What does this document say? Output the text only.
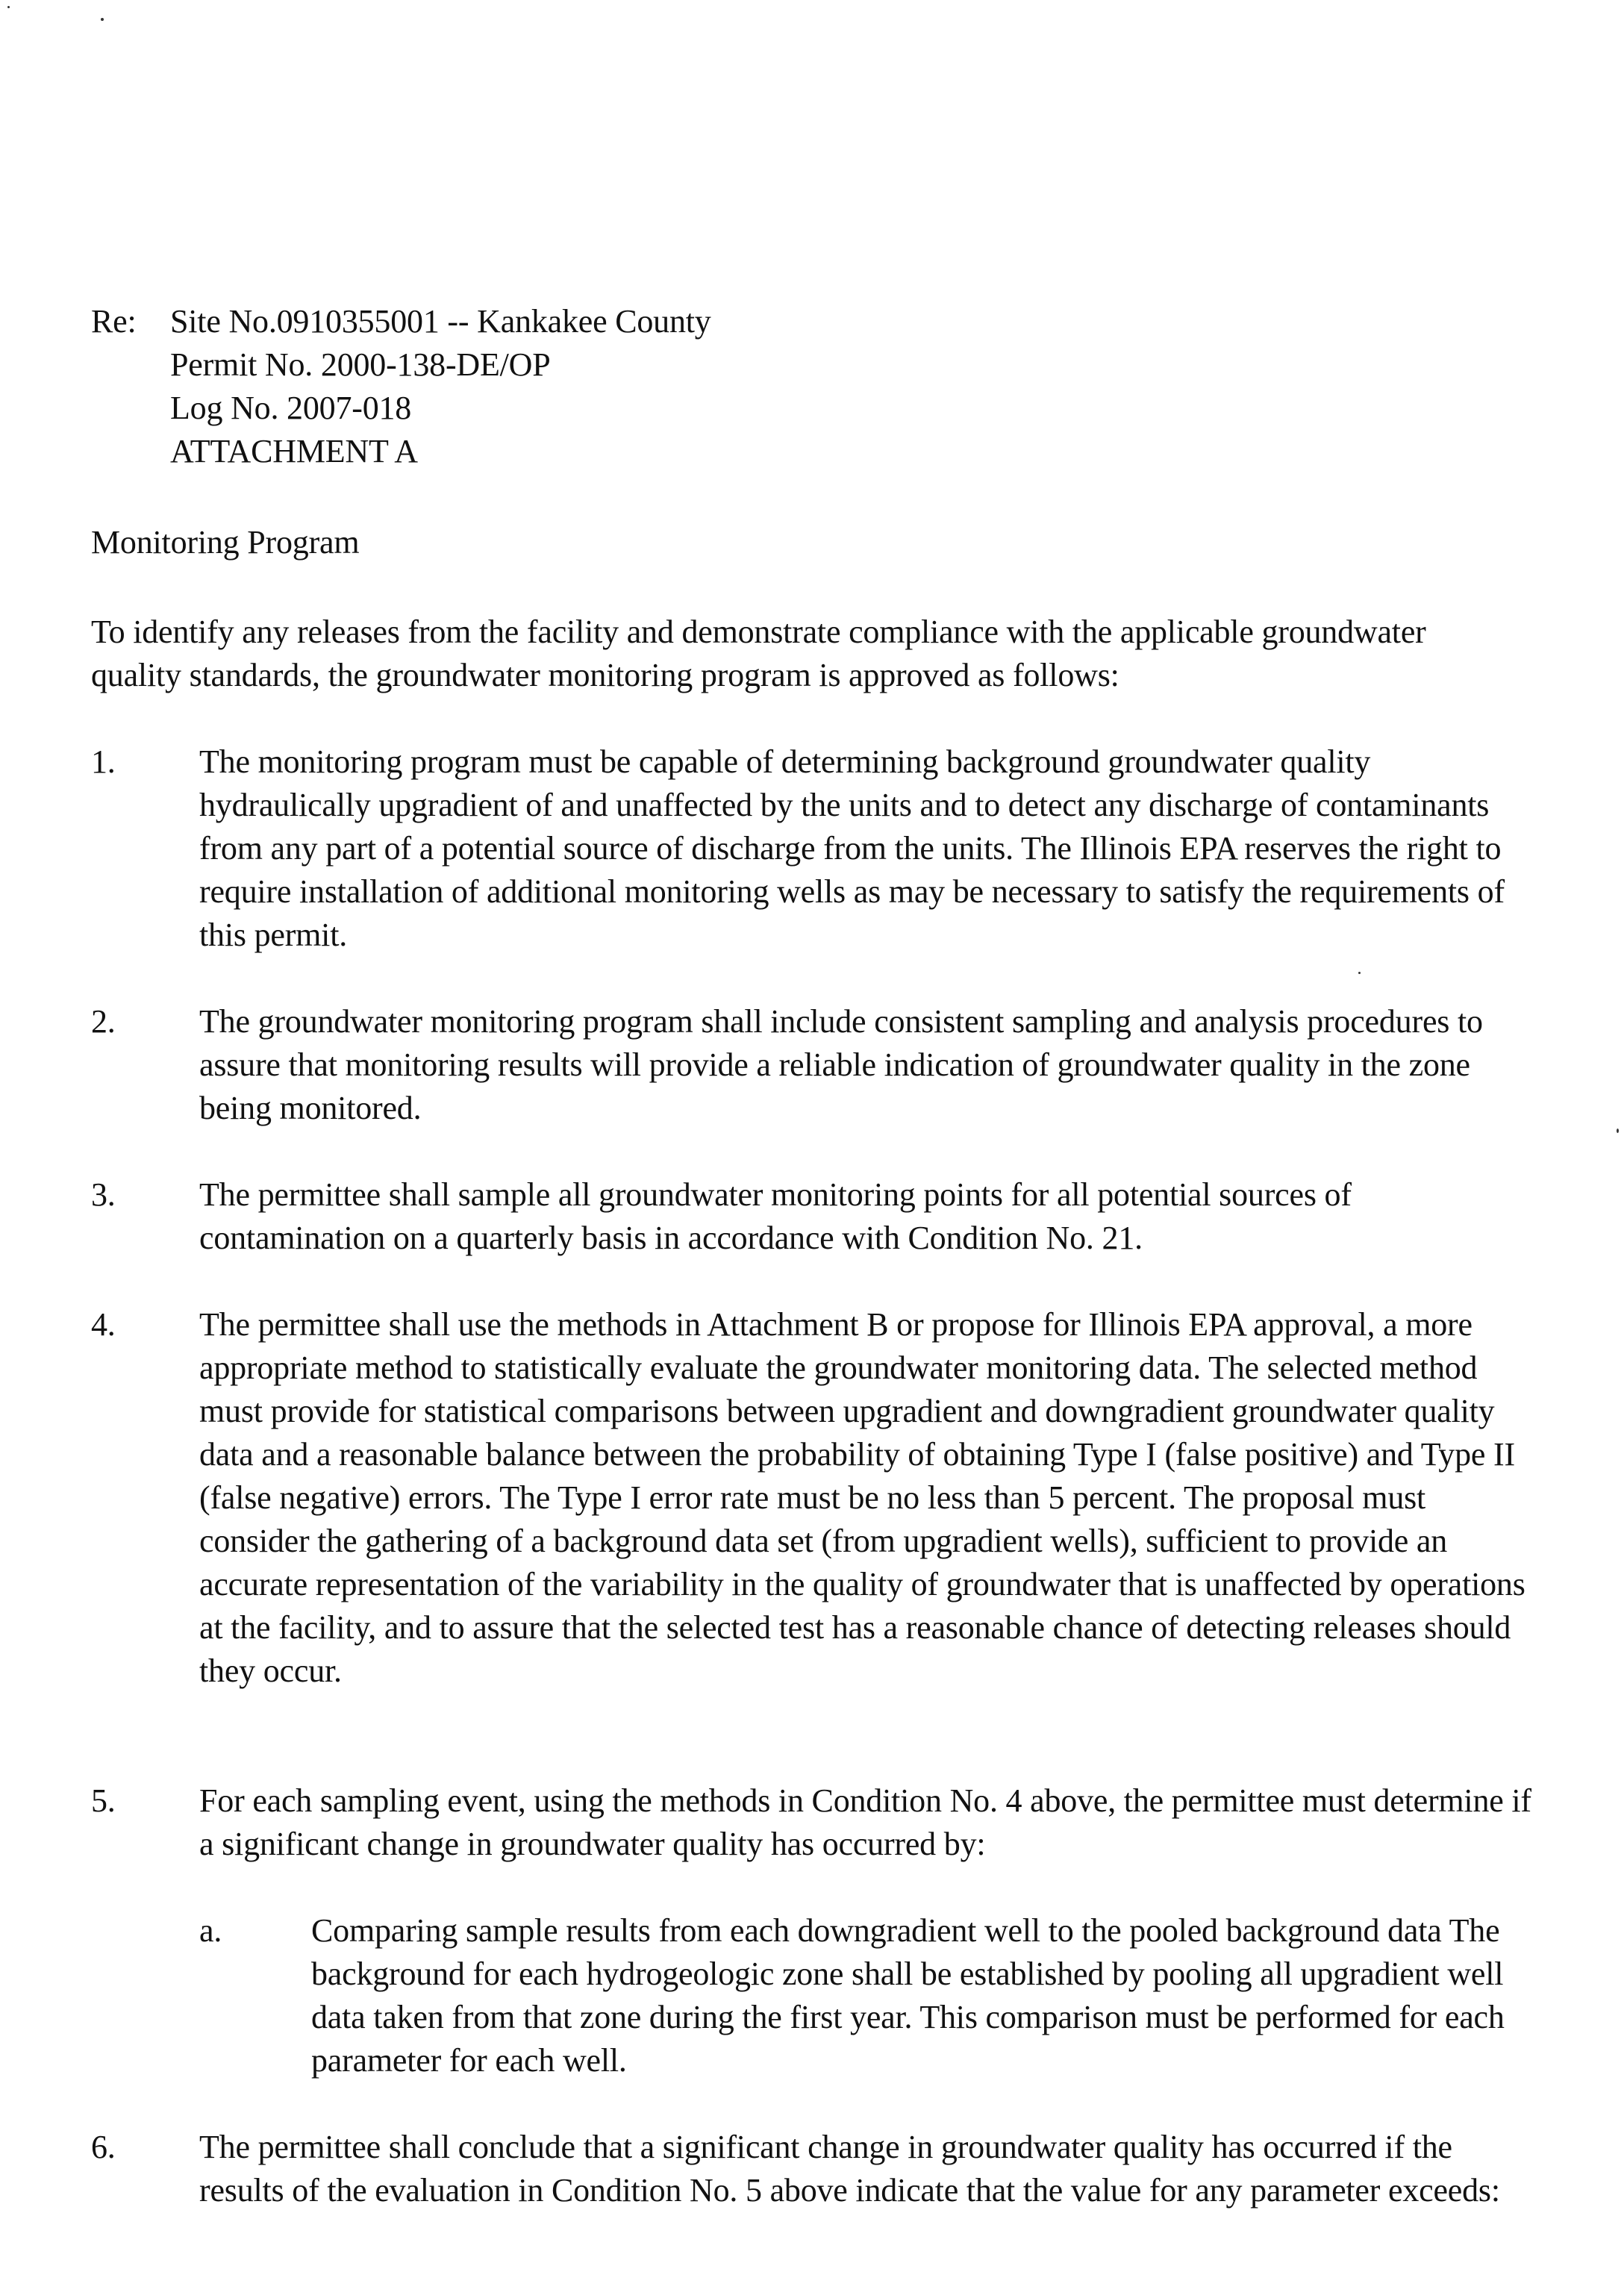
Re:	Site No.0910355001 -- Kankakee County
Permit No. 2000-138-DE/OP
Log No. 2007-018
ATTACHMENT A
Monitoring Program
To identify any releases from the facility and demonstrate compliance with the applicable groundwater quality standards, the groundwater monitoring program is approved as follows:
1.	The monitoring program must be capable of determining background groundwater quality hydraulically upgradient of and unaffected by the units and to detect any discharge of contaminants from any part of a potential source of discharge from the units. The Illinois EPA reserves the right to require installation of additional monitoring wells as may be necessary to satisfy the requirements of this permit.
2.	The groundwater monitoring program shall include consistent sampling and analysis procedures to assure that monitoring results will provide a reliable indication of groundwater quality in the zone being monitored.
3.	The permittee shall sample all groundwater monitoring points for all potential sources of contamination on a quarterly basis in accordance with Condition No. 21.
4.	The permittee shall use the methods in Attachment B or propose for Illinois EPA approval, a more appropriate method to statistically evaluate the groundwater monitoring data. The selected method must provide for statistical comparisons between upgradient and downgradient groundwater quality data and a reasonable balance between the probability of obtaining Type I (false positive) and Type II (false negative) errors. The Type I error rate must be no less than 5 percent. The proposal must consider the gathering of a background data set (from upgradient wells), sufficient to provide an accurate representation of the variability in the quality of groundwater that is unaffected by operations at the facility, and to assure that the selected test has a reasonable chance of detecting releases should they occur.
5.	For each sampling event, using the methods in Condition No. 4 above, the permittee must determine if a significant change in groundwater quality has occurred by:
a.	Comparing sample results from each downgradient well to the pooled background data The background for each hydrogeologic zone shall be established by pooling all upgradient well data taken from that zone during the first year. This comparison must be performed for each parameter for each well.
6.	The permittee shall conclude that a significant change in groundwater quality has occurred if the results of the evaluation in Condition No. 5 above indicate that the value for any parameter exceeds:
